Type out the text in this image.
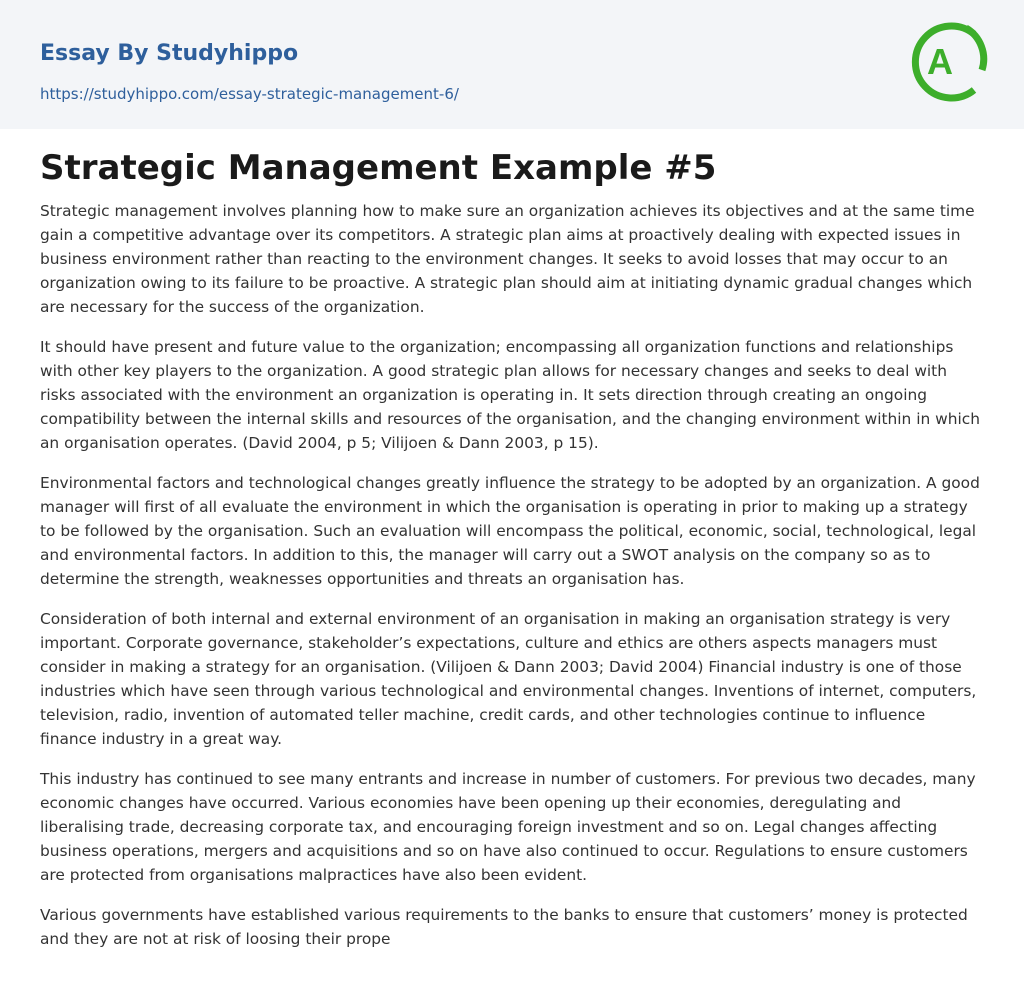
Essay By Studyhippo
https://studyhippo.com/essay-strategic-management-6/
A
Strategic Management Example #5

Strategic management involves planning how to make sure an organization achieves its objectives and at the same time gain a competitive advantage over its competitors. A strategic plan aims at proactively dealing with expected issues in business environment rather than reacting to the environment changes. It seeks to avoid losses that may occur to an organization owing to its failure to be proactive. A strategic plan should aim at initiating dynamic gradual changes which are necessary for the success of the organization.

It should have present and future value to the organization; encompassing all organization functions and relationships with other key players to the organization. A good strategic plan allows for necessary changes and seeks to deal with risks associated with the environment an organization is operating in. It sets direction through creating an ongoing compatibility between the internal skills and resources of the organisation, and the changing environment within in which an organisation operates. (David 2004, p 5; Vilijoen & Dann 2003, p 15).

Environmental factors and technological changes greatly influence the strategy to be adopted by an organization. A good manager will first of all evaluate the environment in which the organisation is operating in prior to making up a strategy to be followed by the organisation. Such an evaluation will encompass the political, economic, social, technological, legal and environmental factors. In addition to this, the manager will carry out a SWOT analysis on the company so as to determine the strength, weaknesses opportunities and threats an organisation has.

Consideration of both internal and external environment of an organisation in making an organisation strategy is very important. Corporate governance, stakeholder’s expectations, culture and ethics are others aspects managers must consider in making a strategy for an organisation. (Vilijoen & Dann 2003; David 2004) Financial industry is one of those industries which have seen through various technological and environmental changes. Inventions of internet, computers, television, radio, invention of automated teller machine, credit cards, and other technologies continue to influence finance industry in a great way.

This industry has continued to see many entrants and increase in number of customers. For previous two decades, many economic changes have occurred. Various economies have been opening up their economies, deregulating and liberalising trade, decreasing corporate tax, and encouraging foreign investment and so on. Legal changes affecting business operations, mergers and acquisitions and so on have also continued to occur. Regulations to ensure customers are protected from organisations malpractices have also been evident.

Various governments have established various requirements to the banks to ensure that customers’ money is protected and they are not at risk of loosing their prope
